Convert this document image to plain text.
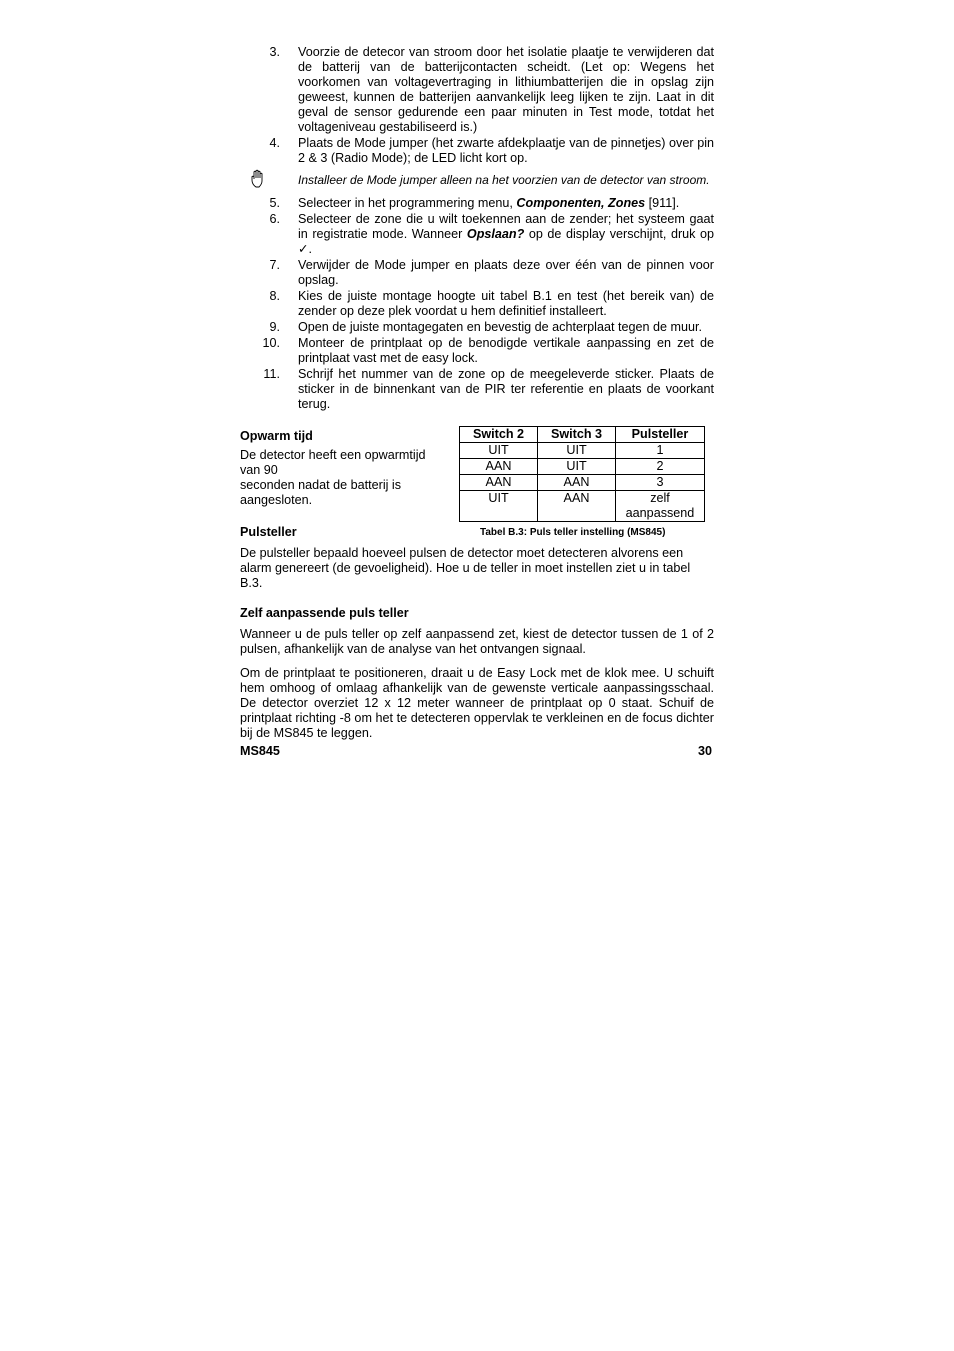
3. Voorzie de detecor van stroom door het isolatie plaatje te verwijderen dat de batterij van de batterijcontacten scheidt. (Let op: Wegens het voorkomen van voltagevertraging in lithiumbatterijen die in opslag zijn geweest, kunnen de batterijen aanvankelijk leeg lijken te zijn. Laat in dit geval de sensor gedurende een paar minuten in Test mode, totdat het voltageniveau gestabiliseerd is.)
4. Plaats de Mode jumper (het zwarte afdekplaatje van de pinnetjes) over pin 2 & 3 (Radio Mode); de LED licht kort op.
Installeer de Mode jumper alleen na het voorzien van de detector van stroom.
5. Selecteer in het programmering menu, Componenten, Zones [911].
6. Selecteer de zone die u wilt toekennen aan de zender; het systeem gaat in registratie mode. Wanneer Opslaan? op de display verschijnt, druk op ✓.
7. Verwijder de Mode jumper en plaats deze over één van de pinnen voor opslag.
8. Kies de juiste montage hoogte uit tabel B.1 en test (het bereik van) de zender op deze plek voordat u hem definitief installeert.
9. Open de juiste montagegaten en bevestig de achterplaat tegen de muur.
10. Monteer de printplaat op de benodigde vertikale aanpassing en zet de printplaat vast met de easy lock.
11. Schrijf het nummer van de zone op de meegeleverde sticker. Plaats de sticker in de binnenkant van de PIR ter referentie en plaats de voorkant terug.
Opwarm tijd
De detector heeft een opwarmtijd
van 90
seconden nadat de batterij is
aangesloten.
Switch 2	Switch 3	Pulsteller
UIT	UIT	1
AAN	UIT	2
AAN	AAN	3
UIT	AAN	zelf aanpassend
Pulsteller	Tabel B.3: Puls teller instelling (MS845)

De pulsteller bepaald hoeveel pulsen de detector moet detecteren alvorens een alarm genereert (de gevoeligheid). Hoe u de teller in moet instellen ziet u in tabel B.3.

Zelf aanpassende puls teller

Wanneer u de puls teller op zelf aanpassend zet, kiest de detector tussen de 1 of 2 pulsen, afhankelijk van de analyse van het ontvangen signaal.

Om de printplaat te positioneren, draait u de Easy Lock met de klok mee. U schuift hem omhoog of omlaag afhankelijk van de gewenste verticale aanpassingsschaal. De detector overziet 12 x 12 meter wanneer de printplaat op 0 staat. Schuif de printplaat richting -8 om het te detecteren oppervlak te verkleinen en de focus dichter bij de MS845 te leggen.

MS845	30
